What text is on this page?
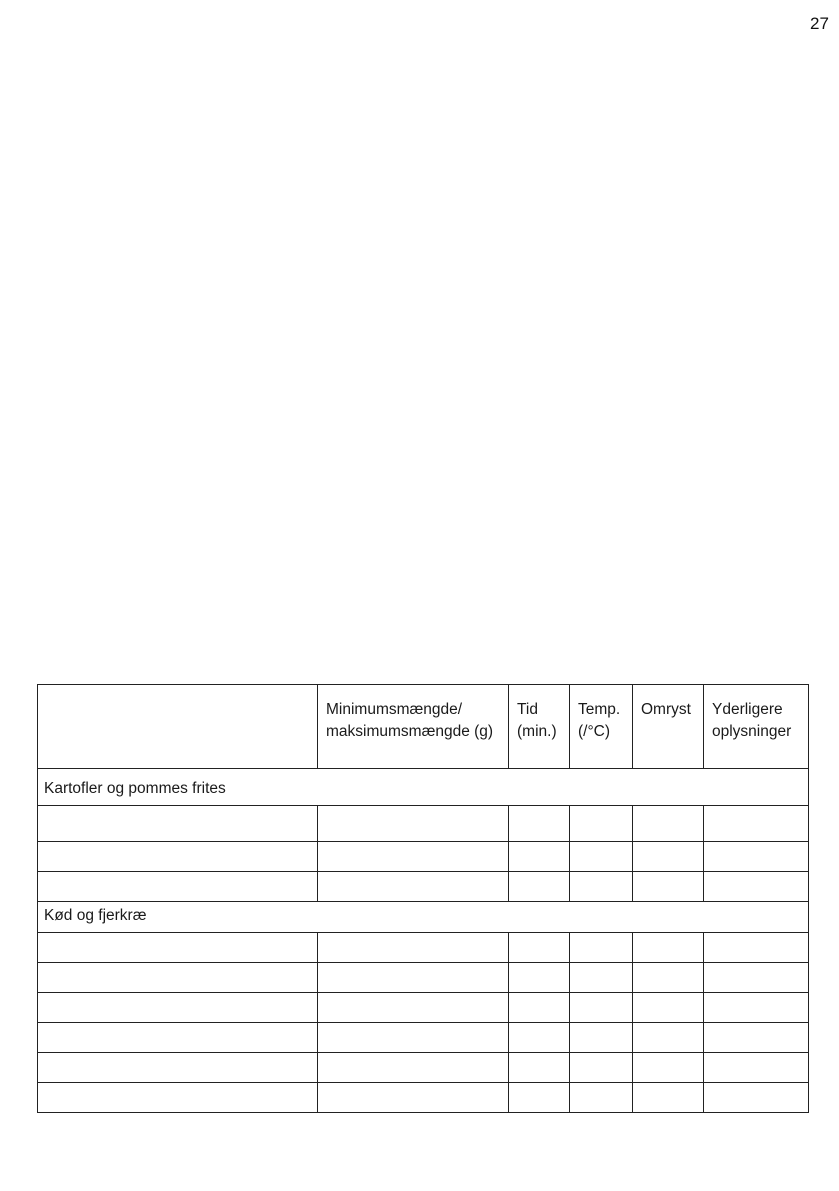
27
	Minimumsmængde/ maksimumsmængde (g)	Tid (min.)	Temp. (/°C)	Omryst	Yderligere oplysninger
Kartofler og pommes frites					

Kød og fjerkræ					
